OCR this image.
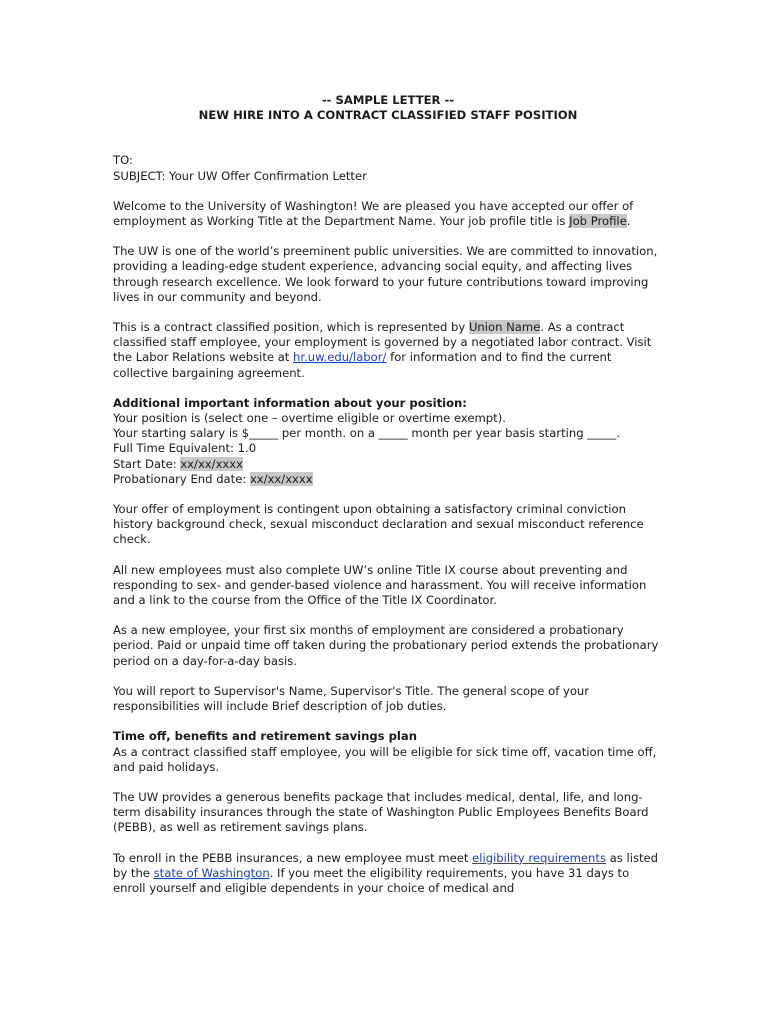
-- SAMPLE LETTER --

NEW HIRE INTO A CONTRACT CLASSIFIED STAFF POSITION

TO:

SUBJECT: Your UW Offer Confirmation Letter

Welcome to the University of Washington! We are pleased you have accepted our offer of employment as Working Title at the Department Name. Your job profile title is Job Profile.

The UW is one of the world’s preeminent public universities. We are committed to innovation, providing a leading-edge student experience, advancing social equity, and affecting lives through research excellence. We look forward to your future contributions toward improving lives in our community and beyond.

This is a contract classified position, which is represented by Union Name. As a contract classified staff employee, your employment is governed by a negotiated labor contract. Visit the Labor Relations website at hr.uw.edu/labor/ for information and to find the current collective bargaining agreement.

Additional important information about your position:

Your position is (select one – overtime eligible or overtime exempt).

Your starting salary is $_____ per month. on a _____ month per year basis starting _____.

Full Time Equivalent: 1.0

Start Date: xx/xx/xxxx

Probationary End date: xx/xx/xxxx

Your offer of employment is contingent upon obtaining a satisfactory criminal conviction history background check, sexual misconduct declaration and sexual misconduct reference check.

All new employees must also complete UW’s online Title IX course about preventing and responding to sex- and gender-based violence and harassment. You will receive information and a link to the course from the Office of the Title IX Coordinator.

As a new employee, your first six months of employment are considered a probationary period. Paid or unpaid time off taken during the probationary period extends the probationary period on a day-for-a-day basis.

You will report to Supervisor's Name, Supervisor's Title. The general scope of your responsibilities will include Brief description of job duties.

Time off, benefits and retirement savings plan

As a contract classified staff employee, you will be eligible for sick time off, vacation time off, and paid holidays.

The UW provides a generous benefits package that includes medical, dental, life, and long-term disability insurances through the state of Washington Public Employees Benefits Board (PEBB), as well as retirement savings plans.

To enroll in the PEBB insurances, a new employee must meet eligibility requirements as listed by the state of Washington. If you meet the eligibility requirements, you have 31 days to enroll yourself and eligible dependents in your choice of medical and
